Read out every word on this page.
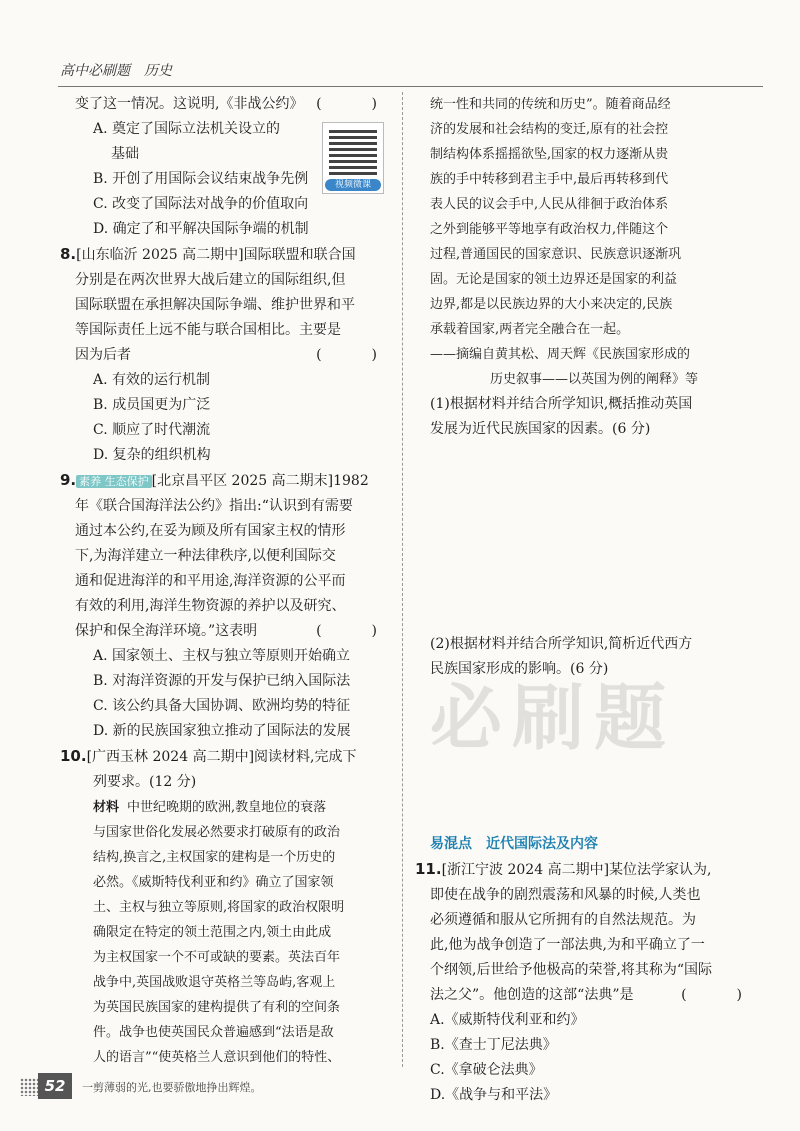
高中必刷题　历史

变了这一情况。这说明,《非战公约》 (　)

A. 奠定了国际立法机关设立的

基础

B. 开创了用国际会议结束战争先例

C. 改变了国际法对战争的价值取向

D. 确定了和平解决国际争端的机制

8.[山东临沂 2025 高二期中]国际联盟和联合国

分别是在两次世界大战后建立的国际组织,但

国际联盟在承担解决国际争端、维护世界和平

等国际责任上远不能与联合国相比。主要是

因为后者	(　)

A. 有效的运行机制

B. 成员国更为广泛

C. 顺应了时代潮流

D. 复杂的组织机构

9. 素养 生态保护 [北京昌平区 2025 高二期末]1982

年《联合国海洋法公约》指出:“认识到有需要

通过本公约,在妥为顾及所有国家主权的情形

下,为海洋建立一种法律秩序,以便利国际交

通和促进海洋的和平用途,海洋资源的公平而

有效的利用,海洋生物资源的养护以及研究、

保护和保全海洋环境。”这表明	(　)

A. 国家领土、主权与独立等原则开始确立

B. 对海洋资源的开发与保护已纳入国际法

C. 该公约具备大国协调、欧洲均势的特征

D. 新的民族国家独立推动了国际法的发展

10.[广西玉林 2024 高二期中]阅读材料,完成下

列要求。(12 分)

材料 中世纪晚期的欧洲,教皇地位的衰落

与国家世俗化发展必然要求打破原有的政治

结构,换言之,主权国家的建构是一个历史的

必然。《威斯特伐利亚和约》确立了国家领

土、主权与独立等原则,将国家的政治权限明

确限定在特定的领土范围之内,领土由此成

为主权国家一个不可或缺的要素。英法百年

战争中,英国战败退守英格兰等岛屿,客观上

为英国民族国家的建构提供了有利的空间条

件。战争也使英国民众普遍感到“法语是敌

人的语言”“使英格兰人意识到他们的特性、

视频微课

统一性和共同的传统和历史”。随着商品经

济的发展和社会结构的变迁,原有的社会控

制结构体系摇摇欲坠,国家的权力逐渐从贵

族的手中转移到君主手中,最后再转移到代

表人民的议会手中,人民从徘徊于政治体系

之外到能够平等地享有政治权力,伴随这个

过程,普通国民的国家意识、民族意识逐渐巩

固。无论是国家的领土边界还是国家的利益

边界,都是以民族边界的大小来决定的,民族

承载着国家,两者完全融合在一起。

——摘编自黄其松、周天辉《民族国家形成的

历史叙事——以英国为例的阐释》等

(1)根据材料并结合所学知识,概括推动英国

发展为近代民族国家的因素。(6 分)

(2)根据材料并结合所学知识,简析近代西方

民族国家形成的影响。(6 分)

易混点　近代国际法及内容

11.[浙江宁波 2024 高二期中]某位法学家认为,

即使在战争的剧烈震荡和风暴的时候,人类也

必须遵循和服从它所拥有的自然法规范。为

此,他为战争创造了一部法典,为和平确立了一

个纲领,后世给予他极高的荣誉,将其称为“国际

法之父”。他创造的这部“法典”是	(　)

A.《威斯特伐利亚和约》

B.《查士丁尼法典》

C.《拿破仑法典》

D.《战争与和平法》

必刷题
52	一剪薄弱的光,也要骄傲地挣出辉煌。
